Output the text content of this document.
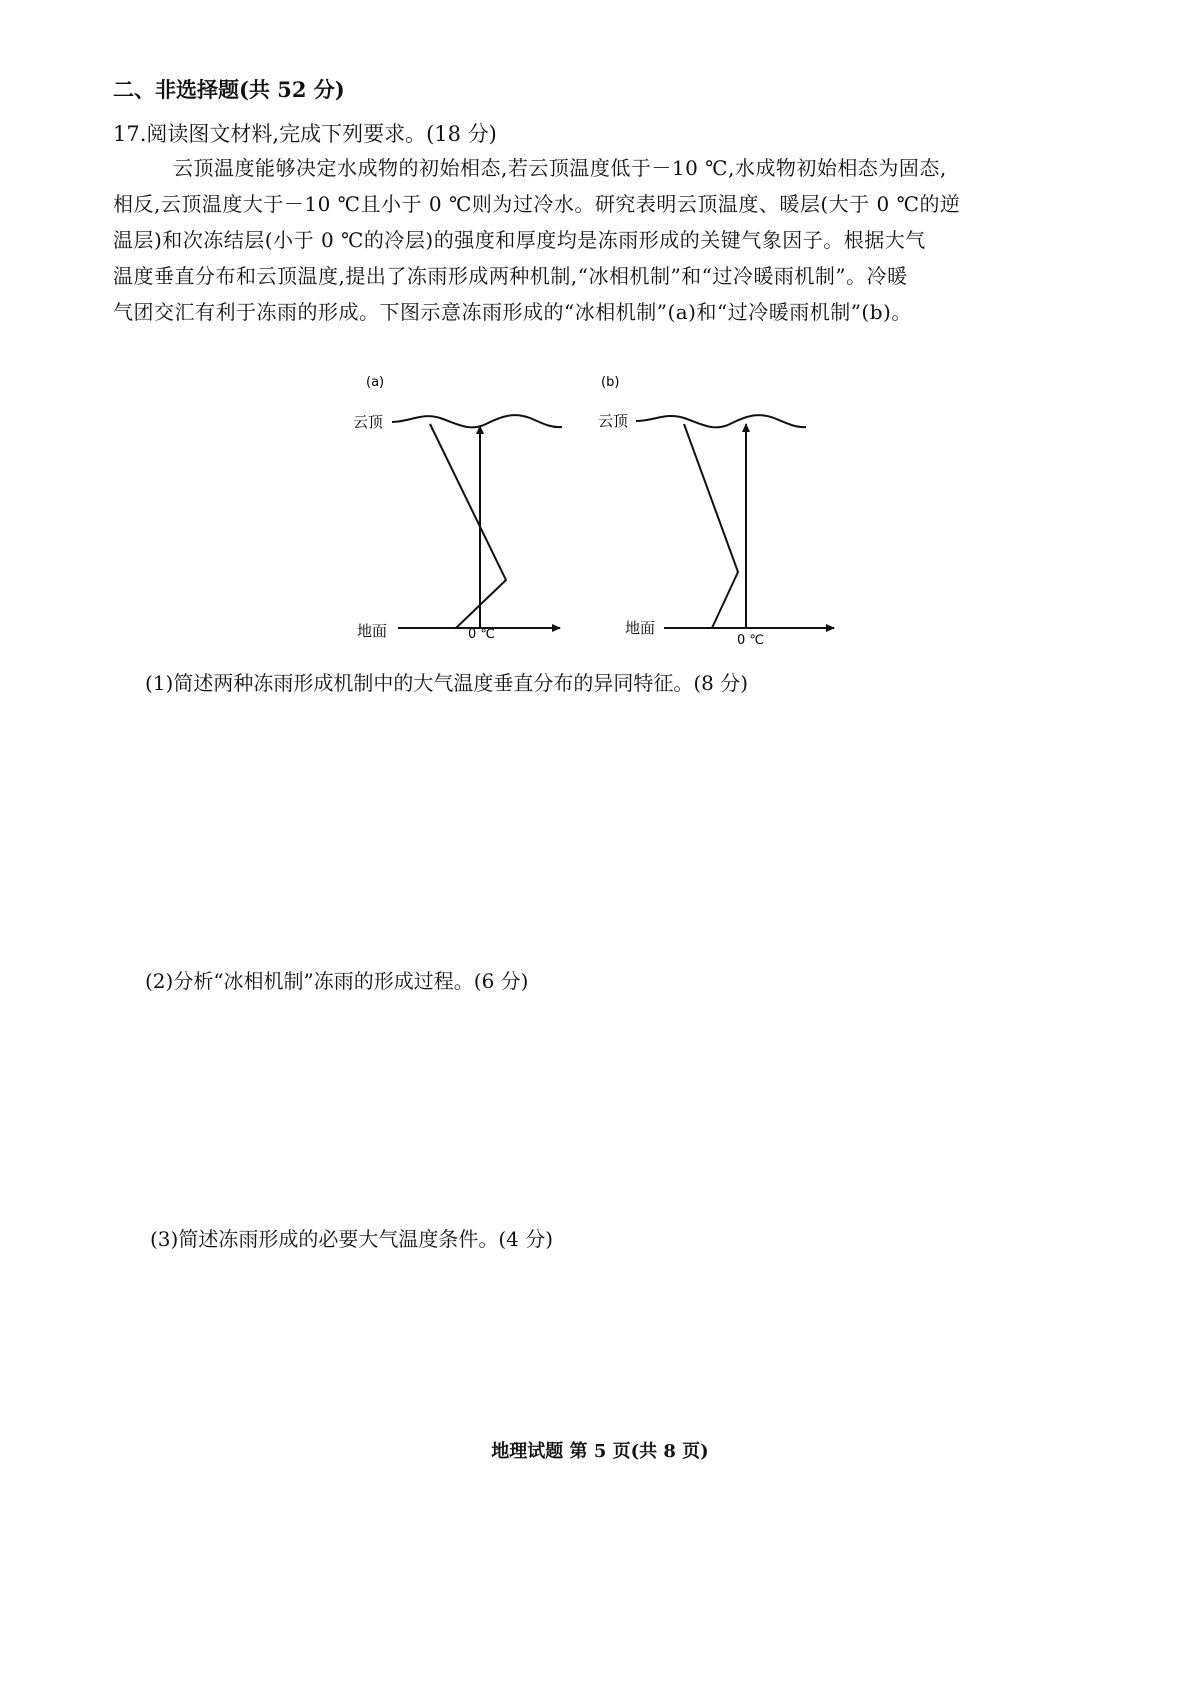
二、非选择题(共 52 分)
17.阅读图文材料,完成下列要求。(18 分)

云顶温度能够决定水成物的初始相态,若云顶温度低于－10 ℃,水成物初始相态为固态,

相反,云顶温度大于－10 ℃且小于 0 ℃则为过冷水。研究表明云顶温度、暖层(大于 0 ℃的逆

温层)和次冻结层(小于 0 ℃的冷层)的强度和厚度均是冻雨形成的关键气象因子。根据大气

温度垂直分布和云顶温度,提出了冻雨形成两种机制,“冰相机制”和“过冷暖雨机制”。冷暖

气团交汇有利于冻雨的形成。下图示意冻雨形成的“冰相机制”(a)和“过冷暖雨机制”(b)。

(a)
云顶
地面	0 ℃
(b)
云顶
地面
0 ℃
(1)简述两种冻雨形成机制中的大气温度垂直分布的异同特征。(8 分)
(2)分析“冰相机制”冻雨的形成过程。(6 分)
(3)简述冻雨形成的必要大气温度条件。(4 分)
地理试题 第 5 页(共 8 页)
